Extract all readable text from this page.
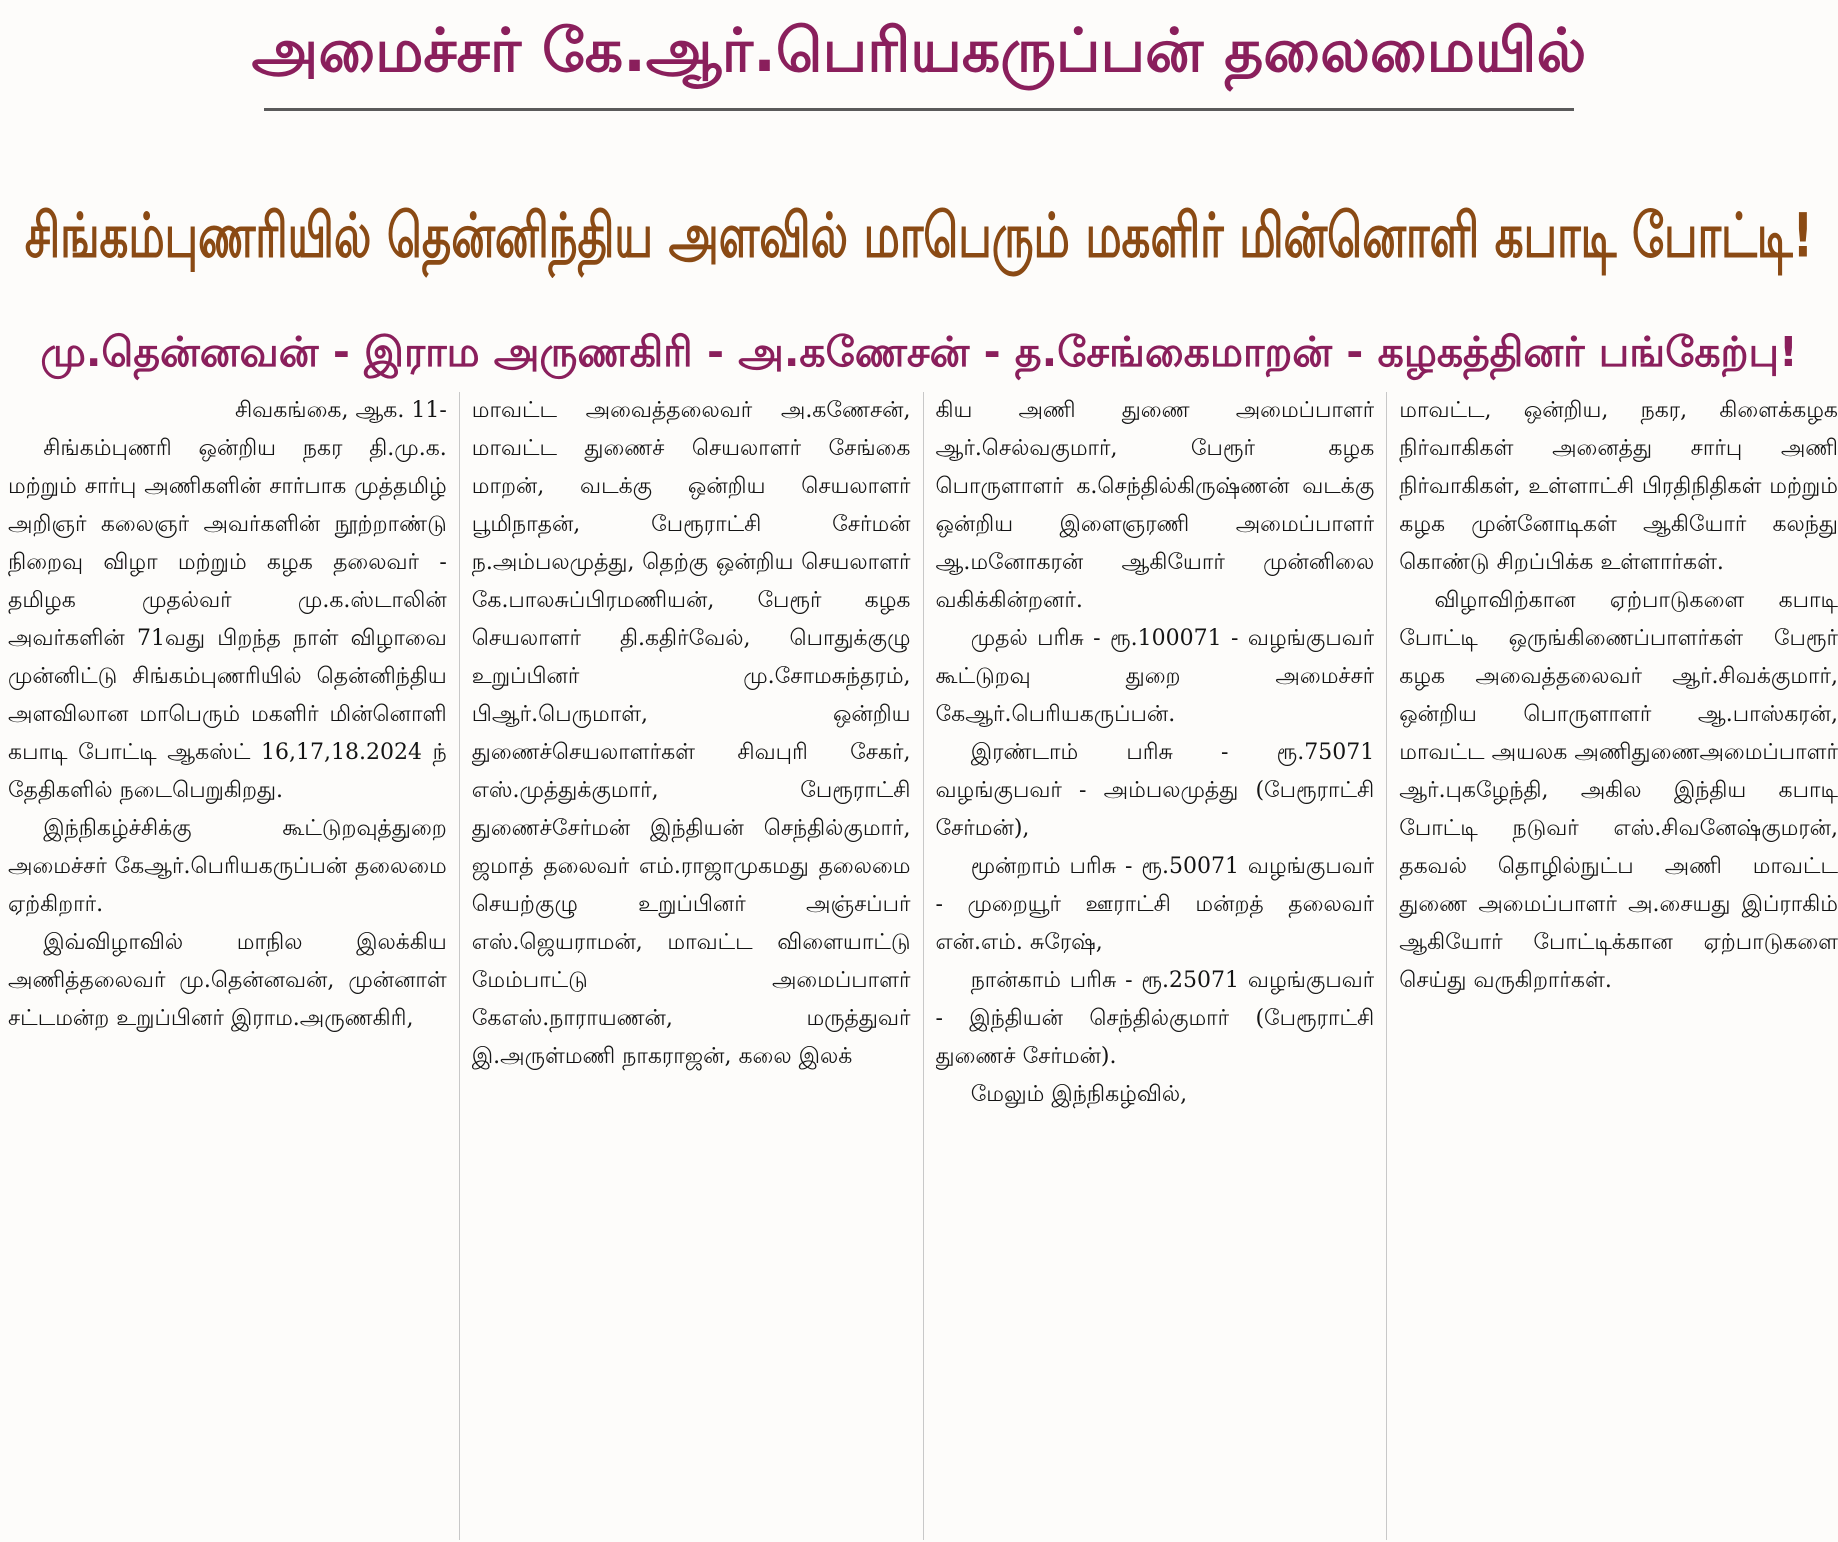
அமைச்சர் கே.ஆர்.பெரியகருப்பன் தலைமையில்
சிங்கம்புணரியில் தென்னிந்திய அளவில் மாபெரும் மகளிர் மின்னொளி கபாடி போட்டி!
மு.தென்னவன் - இராம அருணகிரி - அ.கணேசன் - த.சேங்கைமாறன் - கழகத்தினர் பங்கேற்பு!

சிவகங்கை, ஆக. 11-

சிங்கம்புணரி ஒன்றிய நகர தி.மு.க. மற்றும் சார்பு அணிகளின் சார்பாக முத்தமிழ் அறிஞர் கலைஞர் அவர்களின் நூற்றாண்டு நிறைவு விழா மற்றும் கழக தலைவர் - தமிழக முதல்வர் மு.க.ஸ்டாலின் அவர்களின் 71வது பிறந்த நாள் விழாவை முன்னிட்டு சிங்கம்புணரியில் தென்னிந்திய அளவிலான மாபெரும் மகளிர் மின்னொளி கபாடி போட்டி ஆகஸ்ட் 16,17,18.2024 ந் தேதிகளில் நடைபெறுகிறது.

இந்நிகழ்ச்சிக்கு கூட்டுறவுத்துறை அமைச்சர் கேஆர்.பெரியகருப்பன் தலைமை ஏற்கிறார்.

இவ்விழாவில் மாநில இலக்கிய அணித்தலைவர் மு.தென்னவன், முன்னாள் சட்டமன்ற உறுப்பினர் இராம.அருணகிரி,

மாவட்ட அவைத்தலைவர் அ.கணேசன், மாவட்ட துணைச் செயலாளர் சேங்கை மாறன், வடக்கு ஒன்றிய செயலாளர் பூமிநாதன், பேரூராட்சி சேர்மன் ந.அம்பலமுத்து, தெற்கு ஒன்றிய செயலாளர் கே.பாலசுப்பிரமணியன், பேரூர் கழக செயலாளர் தி.கதிர்வேல், பொதுக்குழு உறுப்பினர் மு.சோமசுந்தரம், பிஆர்.பெருமாள், ஒன்றிய துணைச்செயலாளர்கள் சிவபுரி சேகர், எஸ்.முத்துக்குமார், பேரூராட்சி துணைச்சேர்மன் இந்தியன் செந்தில்குமார், ஜமாத் தலைவர் எம்.ராஜாமுகமது தலைமை செயற்குழு உறுப்பினர் அஞ்சப்பர் எஸ்.ஜெயராமன், மாவட்ட விளையாட்டு மேம்பாட்டு அமைப்பாளர் கேஎஸ்.நாராயணன், மருத்துவர் இ.அருள்மணி நாகராஜன், கலை இலக்

கிய அணி துணை அமைப்பாளர் ஆர்.செல்வகுமார், பேரூர் கழக பொருளாளர் க.செந்தில்கிருஷ்ணன் வடக்கு ஒன்றிய இளைஞரணி அமைப்பாளர் ஆ.மனோகரன் ஆகியோர் முன்னிலை வகிக்கின்றனர்.

முதல் பரிசு - ரூ.100071 - வழங்குபவர் கூட்டுறவு துறை அமைச்சர் கேஆர்.பெரியகருப்பன்.

இரண்டாம் பரிசு - ரூ.75071 வழங்குபவர் - அம்பலமுத்து (பேரூராட்சி சேர்மன்),

மூன்றாம் பரிசு - ரூ.50071 வழங்குபவர் - முறையூர் ஊராட்சி மன்றத் தலைவர் என்.எம். சுரேஷ்,

நான்காம் பரிசு - ரூ.25071 வழங்குபவர் - இந்தியன் செந்தில்குமார் (பேரூராட்சி துணைச் சேர்மன்).

மேலும் இந்நிகழ்வில்,

மாவட்ட, ஒன்றிய, நகர, கிளைக்கழக நிர்வாகிகள் அனைத்து சார்பு அணி நிர்வாகிகள், உள்ளாட்சி பிரதிநிதிகள் மற்றும் கழக முன்னோடிகள் ஆகியோர் கலந்து கொண்டு சிறப்பிக்க உள்ளார்கள்.

விழாவிற்கான ஏற்பாடுகளை கபாடி போட்டி ஒருங்கிணைப்பாளர்கள் பேரூர் கழக அவைத்தலைவர் ஆர்.சிவக்குமார், ஒன்றிய பொருளாளர் ஆ.பாஸ்கரன், மாவட்ட அயலக அணிதுணைஅமைப்பாளர் ஆர்.புகழேந்தி, அகில இந்திய கபாடி போட்டி நடுவர் எஸ்.சிவனேஷ்குமரன், தகவல் தொழில்நுட்ப அணி மாவட்ட துணை அமைப்பாளர் அ.சையது இப்ராகிம் ஆகியோர் போட்டிக்கான ஏற்பாடுகளை செய்து வருகிறார்கள்.
